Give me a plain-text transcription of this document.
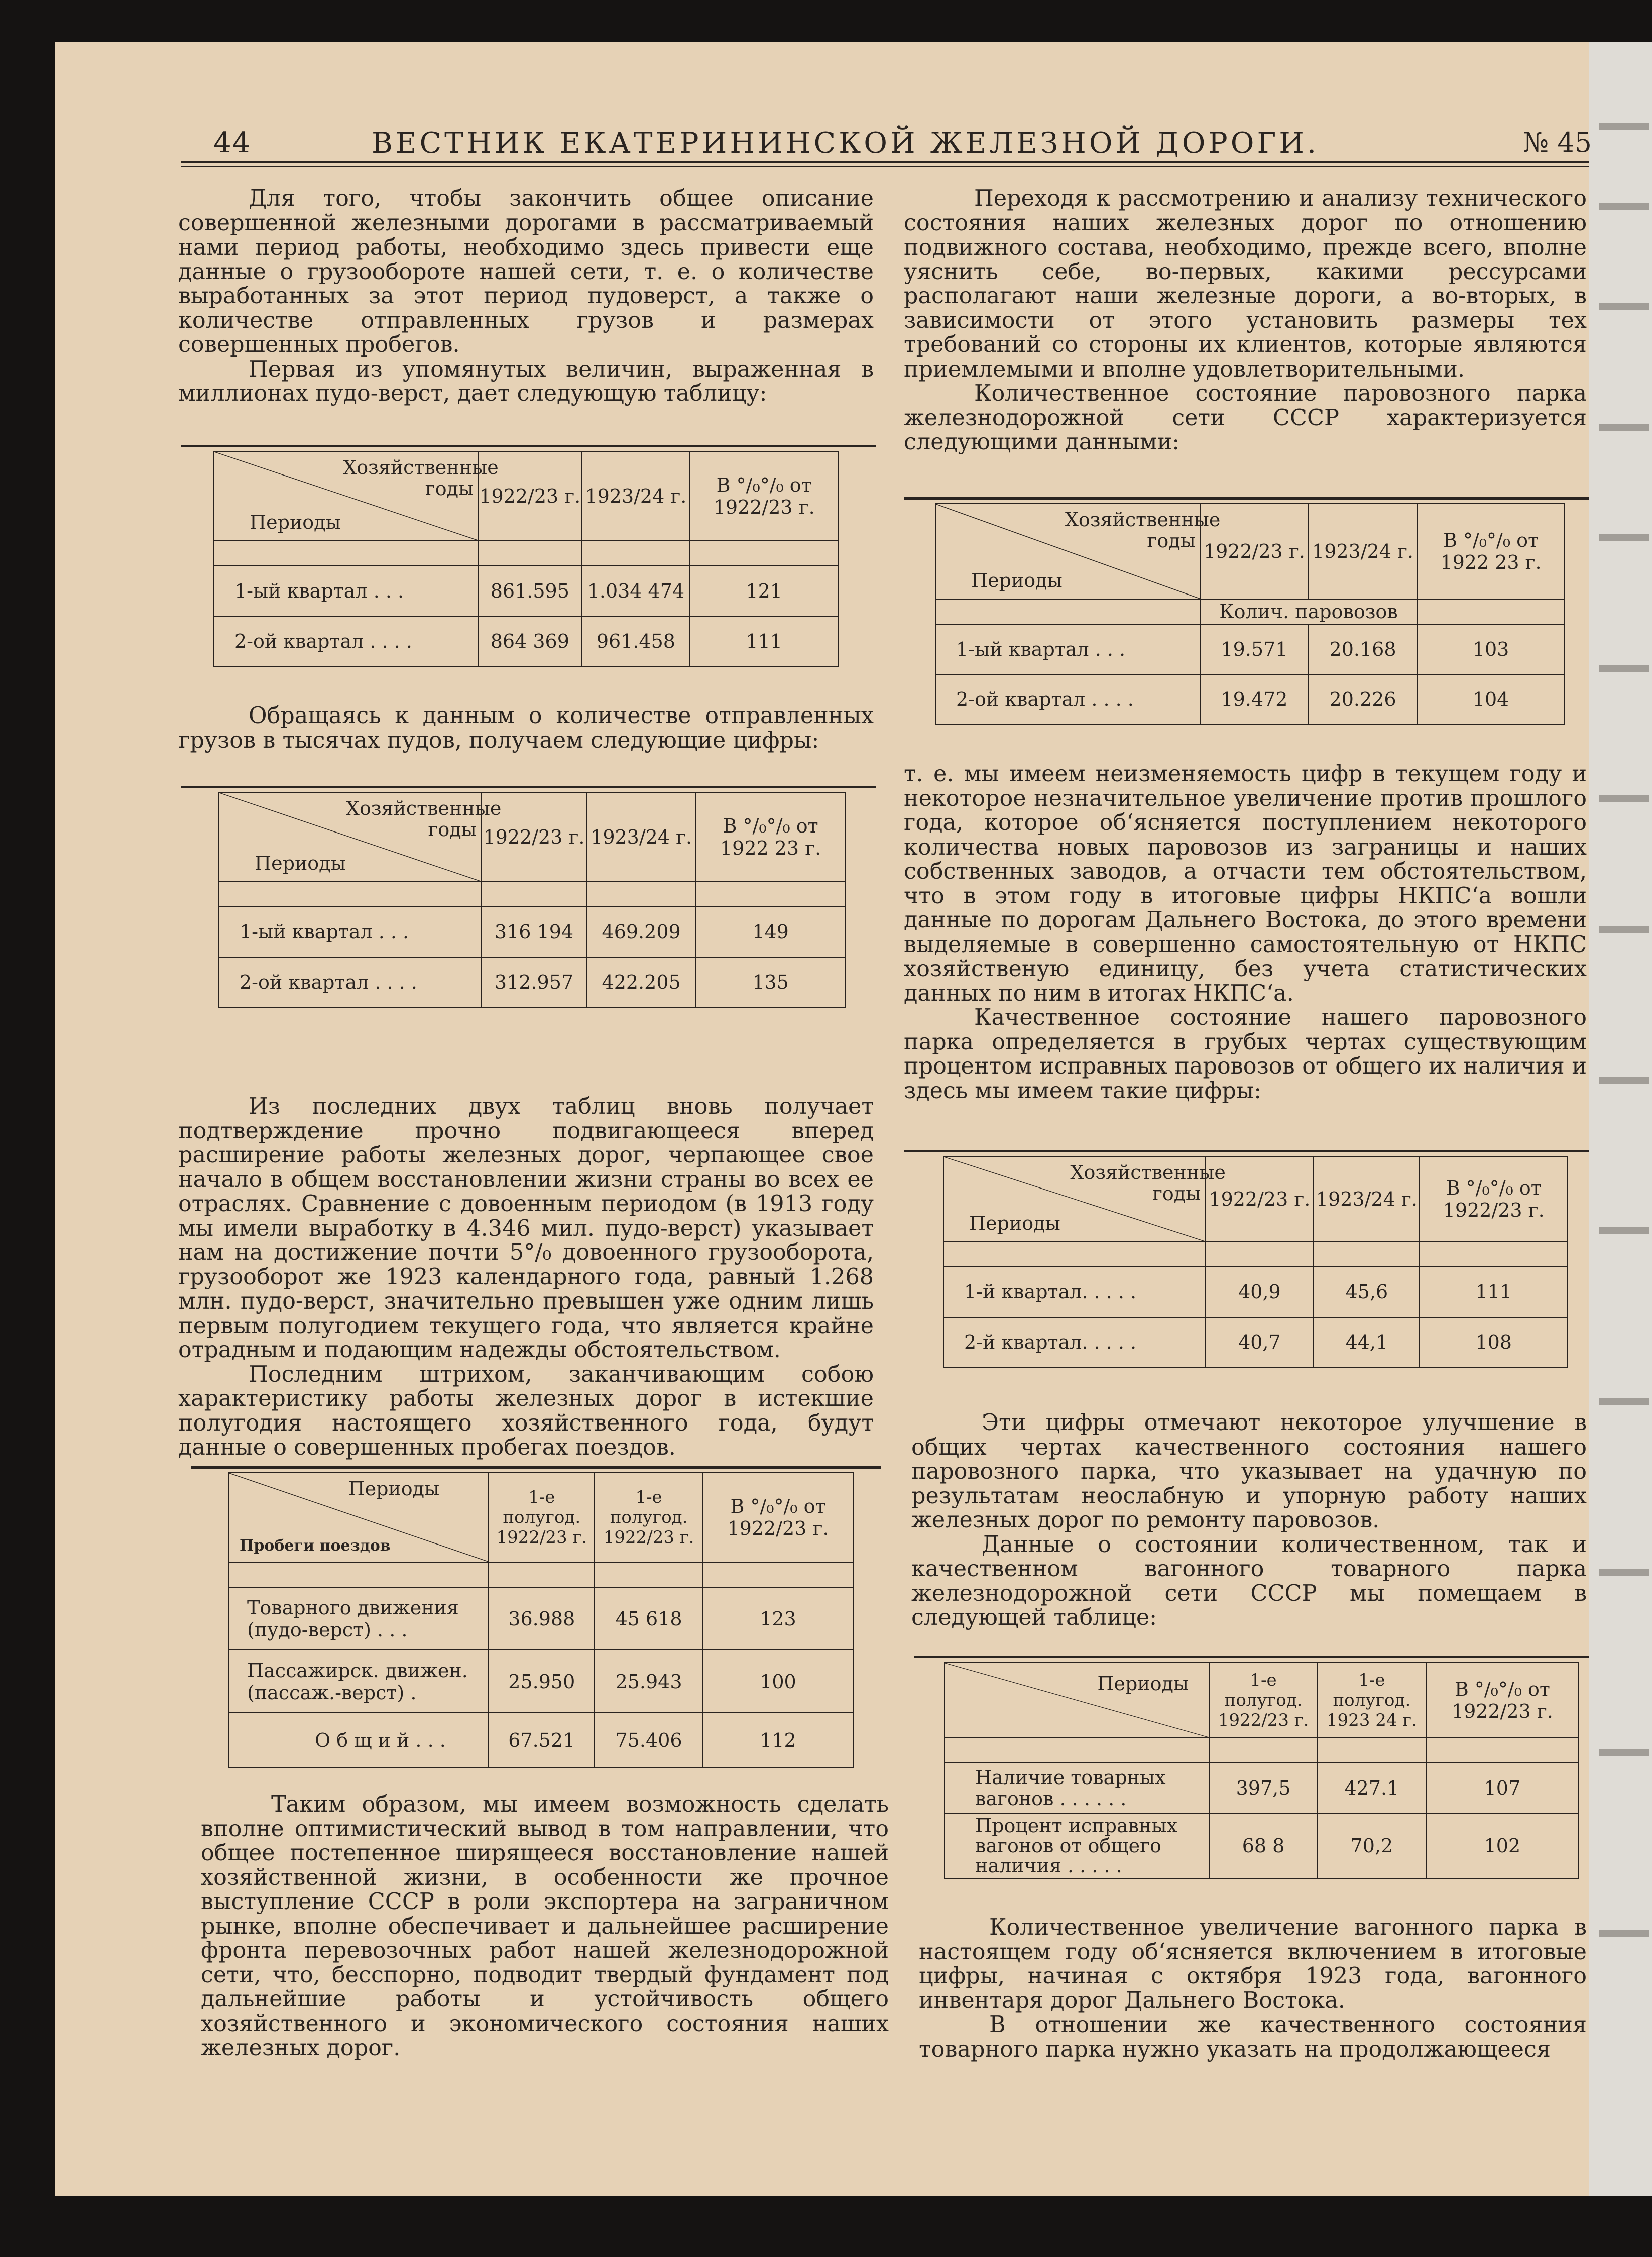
44	ВЕСТНИК ЕКАТЕРИНИНСКОЙ ЖЕЛЕЗНОЙ ДОРОГИ.	№ 45

Для того, чтобы закончить общее описание совершенной железными дорогами в рассматриваемый нами период работы, необходимо здесь привести еще данные о грузообороте нашей сети, т. е. о количестве выработанных за этот период пудоверст, а также о количестве отправленных грузов и размерах совершенных пробегов.

Первая из упомянутых величин, выраженная в миллионах пудо-верст, дает следующую таблицу:

Хозяйственные годы
Периоды	1922/23 г.	1923/24 г.	В °/₀°/₀ от 1922/23 г.

1-ый квартал . . .	861.595	1.034 474	121
2-ой квартал . . . .	864 369	961.458	111

Обращаясь к данным о количестве отправленных грузов в тысячах пудов, получаем следующие цифры:

Хозяйственные годы
Периоды	1922/23 г.	1923/24 г.	В °/₀°/₀ от 1922 23 г.

1-ый квартал . . .	316 194	469.209	149
2-ой квартал . . . .	312.957	422.205	135

Из последних двух таблиц вновь получает подтверждение прочно подвигающееся вперед расширение работы железных дорог, черпающее свое начало в общем восстановлении жизни страны во всех ее отраслях. Сравнение с довоенным периодом (в 1913 году мы имели выработку в 4.346 мил. пудо-верст) указывает нам на достижение почти 5°/₀ довоенного грузооборота, грузооборот же 1923 календарного года, равный 1.268 млн. пудо-верст, значительно превышен уже одним лишь первым полугодием текущего года, что является крайне отрадным и подающим надежды обстоятельством.

Последним штрихом, заканчивающим собою характеристику работы железных дорог в истекшие полугодия настоящего хозяйственного года, будут данные о совершенных пробегах поездов.

Периоды
Пробеги поездов	1-е полугод. 1922/23 г.	1-е полугод. 1922/23 г.	В °/₀°/₀ от 1922/23 г.

Товарного движения (пудо-верст) . . .	36.988	45 618	123
Пассажирск. движен. (пассаж.-верст) .	25.950	25.943	100
О б щ и й . . .	67.521	75.406	112

Таким образом, мы имеем возможность сделать вполне оптимистический вывод в том направлении, что общее постепенное ширящееся восстановление нашей хозяйственной жизни, в особенности же прочное выступление СССР в роли экспортера на заграничном рынке, вполне обеспечивает и дальнейшее расширение фронта перевозочных работ нашей железнодорожной сети, что, бесспорно, подводит твердый фундамент под дальнейшие работы и устойчивость общего хозяйственного и экономического состояния наших железных дорог.

Переходя к рассмотрению и анализу технического состояния наших железных дорог по отношению подвижного состава, необходимо, прежде всего, вполне уяснить себе, во-первых, какими рессурсами располагают наши железные дороги, а во-вторых, в зависимости от этого установить размеры тех требований со стороны их клиентов, которые являются приемлемыми и вполне удовлетворительными.

Количественное состояние паровозного парка железнодорожной сети СССР характеризуется следующими данными:

Хозяйственные годы
Периоды	1922/23 г.	1923/24 г.	В °/₀°/₀ от 1922 23 г.
	Колич. паровозов		
1-ый квартал . . .	19.571	20.168	103
2-ой квартал . . . .	19.472	20.226	104

т. е. мы имеем неизменяемость цифр в текущем году и некоторое незначительное увеличение против прошлого года, которое об‘ясняется поступлением некоторого количества новых паровозов из заграницы и наших собственных заводов, а отчасти тем обстоятельством, что в этом году в итоговые цифры НКПС‘а вошли данные по дорогам Дальнего Востока, до этого времени выделяемые в совершенно самостоятельную от НКПС хозяйственую единицу, без учета статистических данных по ним в итогах НКПС‘а.

Качественное состояние нашего паровозного парка определяется в грубых чертах существующим процентом исправных паровозов от общего их наличия и здесь мы имеем такие цифры:

Хозяйственные годы
Периоды	1922/23 г.	1923/24 г.	В °/₀°/₀ от 1922/23 г.

1-й квартал. . . . .	40,9	45,6	111
2-й квартал. . . . .	40,7	44,1	108

Эти цифры отмечают некоторое улучшение в общих чертах качественного состояния нашего паровозного парка, что указывает на удачную по результатам неослабную и упорную работу наших железных дорог по ремонту паровозов.

Данные о состоянии количественном, так и качественном вагонного товарного парка железнодорожной сети СССР мы помещаем в следующей таблице:

Периоды	1-е полугод. 1922/23 г.	1-е полугод. 1923 24 г.	В °/₀°/₀ от 1922/23 г.

Наличие товарных вагонов . . . . . .	397,5	427.1	107
Процент исправных вагонов от общего наличия . . . . .	68 8	70,2	102

Количественное увеличение вагонного парка в настоящем году об‘ясняется включением в итоговые цифры, начиная с октября 1923 года, вагонного инвентаря дорог Дальнего Востока.

В отношении же качественного состояния товарного парка нужно указать на продолжающееся
